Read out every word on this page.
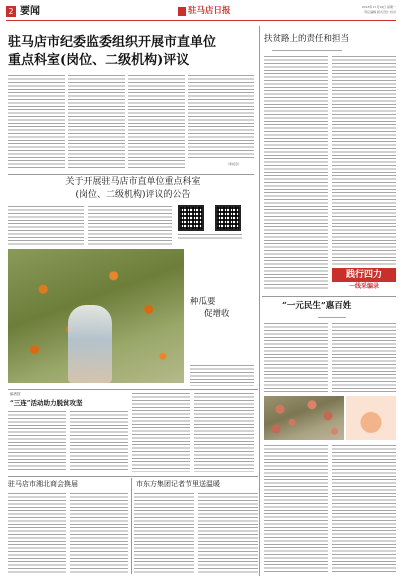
2 要闻	驻马店日报	2018年11月19日 星期一
责任编辑 版式设计 校对
驻马店市纪委监委组织开展市直单位
重点科室(岗位、二级机构)评议
（李延章）
关于开展驻马店市直单位重点科室
(岗位、二级机构)评议的公告
扶贫路上的责任和担当
践行四力
一线采编录
“一元民生”惠百姓
种瓜要
促增收
编者按
“三连”活动助力脱贫攻坚
驻马店市湘北商会换届	市东方集团记者节里送温暖
